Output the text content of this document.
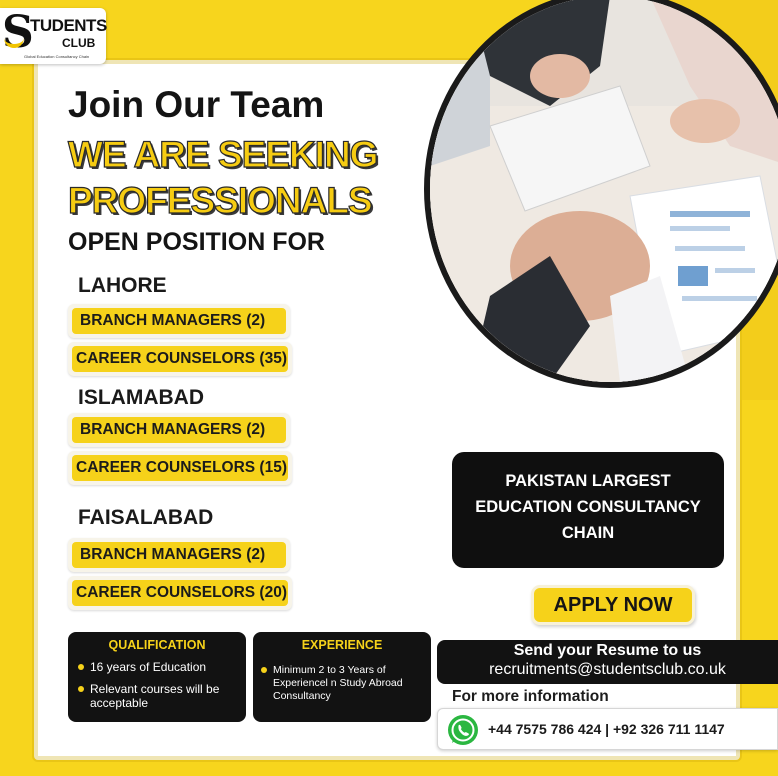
S
TUDENTS
CLUB
Global Education Consultancy Chain
Join Our Team
WE ARE SEEKING
PROFESSIONALS
OPEN POSITION FOR
LAHORE
BRANCH MANAGERS (2)
CAREER COUNSELORS (35)
ISLAMABAD
BRANCH MANAGERS (2)
CAREER COUNSELORS (15)
FAISALABAD
BRANCH MANAGERS (2)
CAREER COUNSELORS (20)
PAKISTAN LARGEST
EDUCATION CONSULTANCY
CHAIN
APPLY NOW
QUALIFICATION
16 years of Education
Relevant courses will be acceptable
EXPERIENCE
Minimum 2 to 3 Years of Experiencel n Study Abroad Consultancy
Send your Resume to us
recruitments@studentsclub.co.uk
For more information
+44 7575 786 424 | +92 326 711 1147
